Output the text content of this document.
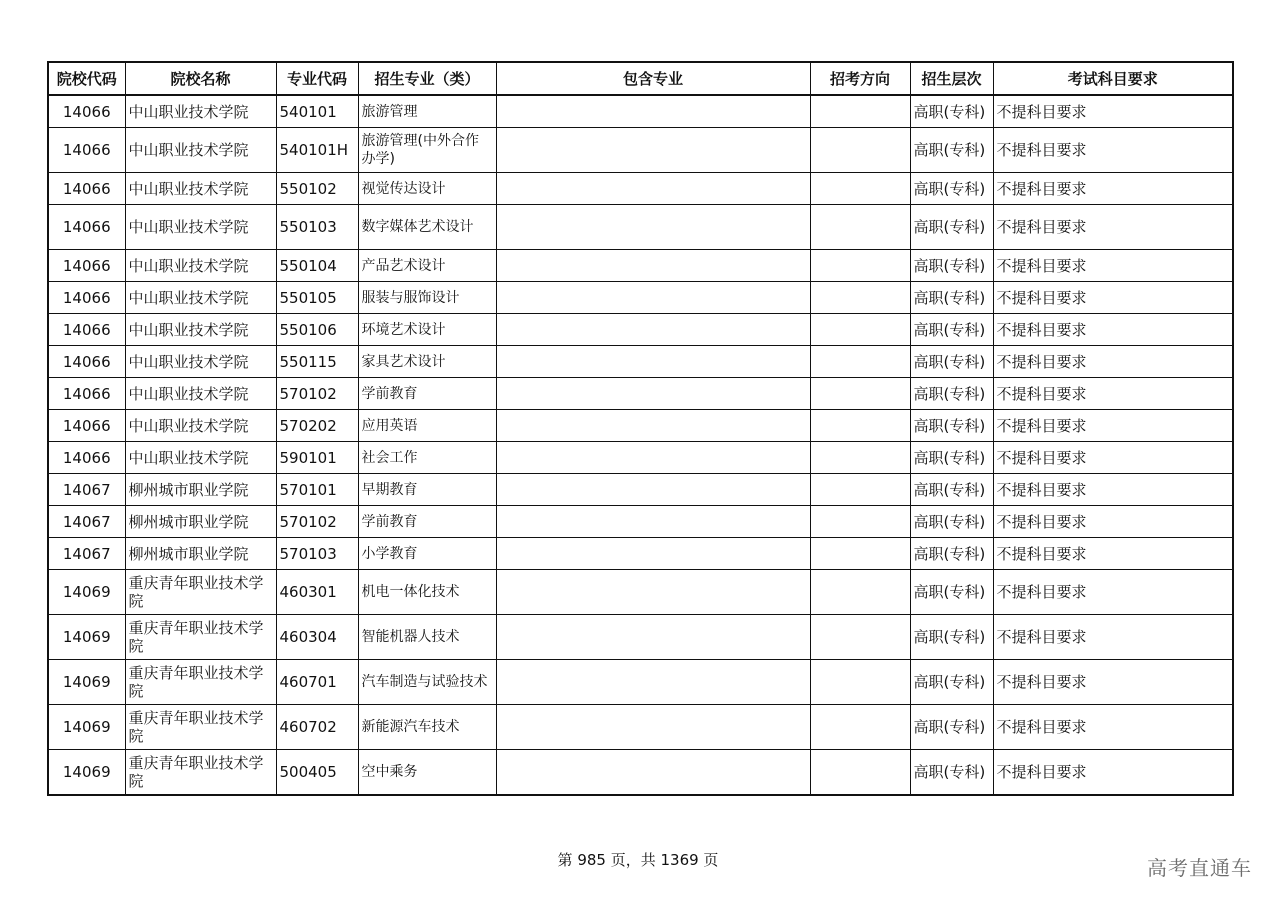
院校代码	院校名称	专业代码	招生专业（类）	包含专业	招考方向	招生层次	考试科目要求
14066	中山职业技术学院	540101	旅游管理			高职(专科)	不提科目要求
14066	中山职业技术学院	540101H	旅游管理(中外合作办学)			高职(专科)	不提科目要求
14066	中山职业技术学院	550102	视觉传达设计			高职(专科)	不提科目要求
14066	中山职业技术学院	550103	数字媒体艺术设计			高职(专科)	不提科目要求
14066	中山职业技术学院	550104	产品艺术设计			高职(专科)	不提科目要求
14066	中山职业技术学院	550105	服装与服饰设计			高职(专科)	不提科目要求
14066	中山职业技术学院	550106	环境艺术设计			高职(专科)	不提科目要求
14066	中山职业技术学院	550115	家具艺术设计			高职(专科)	不提科目要求
14066	中山职业技术学院	570102	学前教育			高职(专科)	不提科目要求
14066	中山职业技术学院	570202	应用英语			高职(专科)	不提科目要求
14066	中山职业技术学院	590101	社会工作			高职(专科)	不提科目要求
14067	柳州城市职业学院	570101	早期教育			高职(专科)	不提科目要求
14067	柳州城市职业学院	570102	学前教育			高职(专科)	不提科目要求
14067	柳州城市职业学院	570103	小学教育			高职(专科)	不提科目要求
14069	重庆青年职业技术学院	460301	机电一体化技术			高职(专科)	不提科目要求
14069	重庆青年职业技术学院	460304	智能机器人技术			高职(专科)	不提科目要求
14069	重庆青年职业技术学院	460701	汽车制造与试验技术			高职(专科)	不提科目要求
14069	重庆青年职业技术学院	460702	新能源汽车技术			高职(专科)	不提科目要求
14069	重庆青年职业技术学院	500405	空中乘务			高职(专科)	不提科目要求
第 985 页，共 1369 页	高考直通车
